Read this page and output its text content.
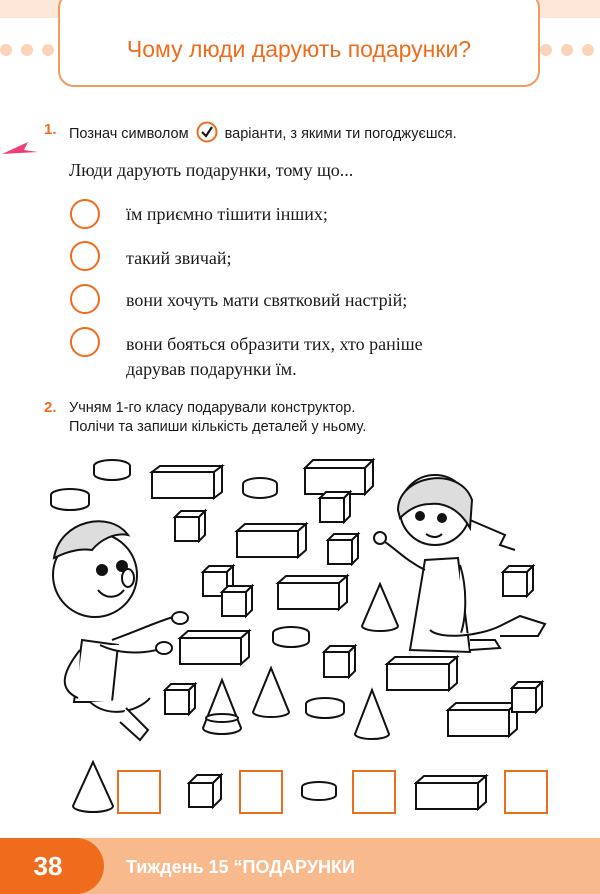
Чому люди дарують подарунки?
1. Познач символом варіанти, з якими ти погоджуєшся.
Люди дарують подарунки, тому що...
їм приємно тішити інших;
такий звичай;
вони хочуть мати святковий настрій;
вони бояться образити тих, хто раніше
дарував подарунки їм.
2. Учням 1-го класу подарували конструктор.
Полічи та запиши кількість деталей у ньому.
38	Тиждень 15 “ПОДАРУНКИ
